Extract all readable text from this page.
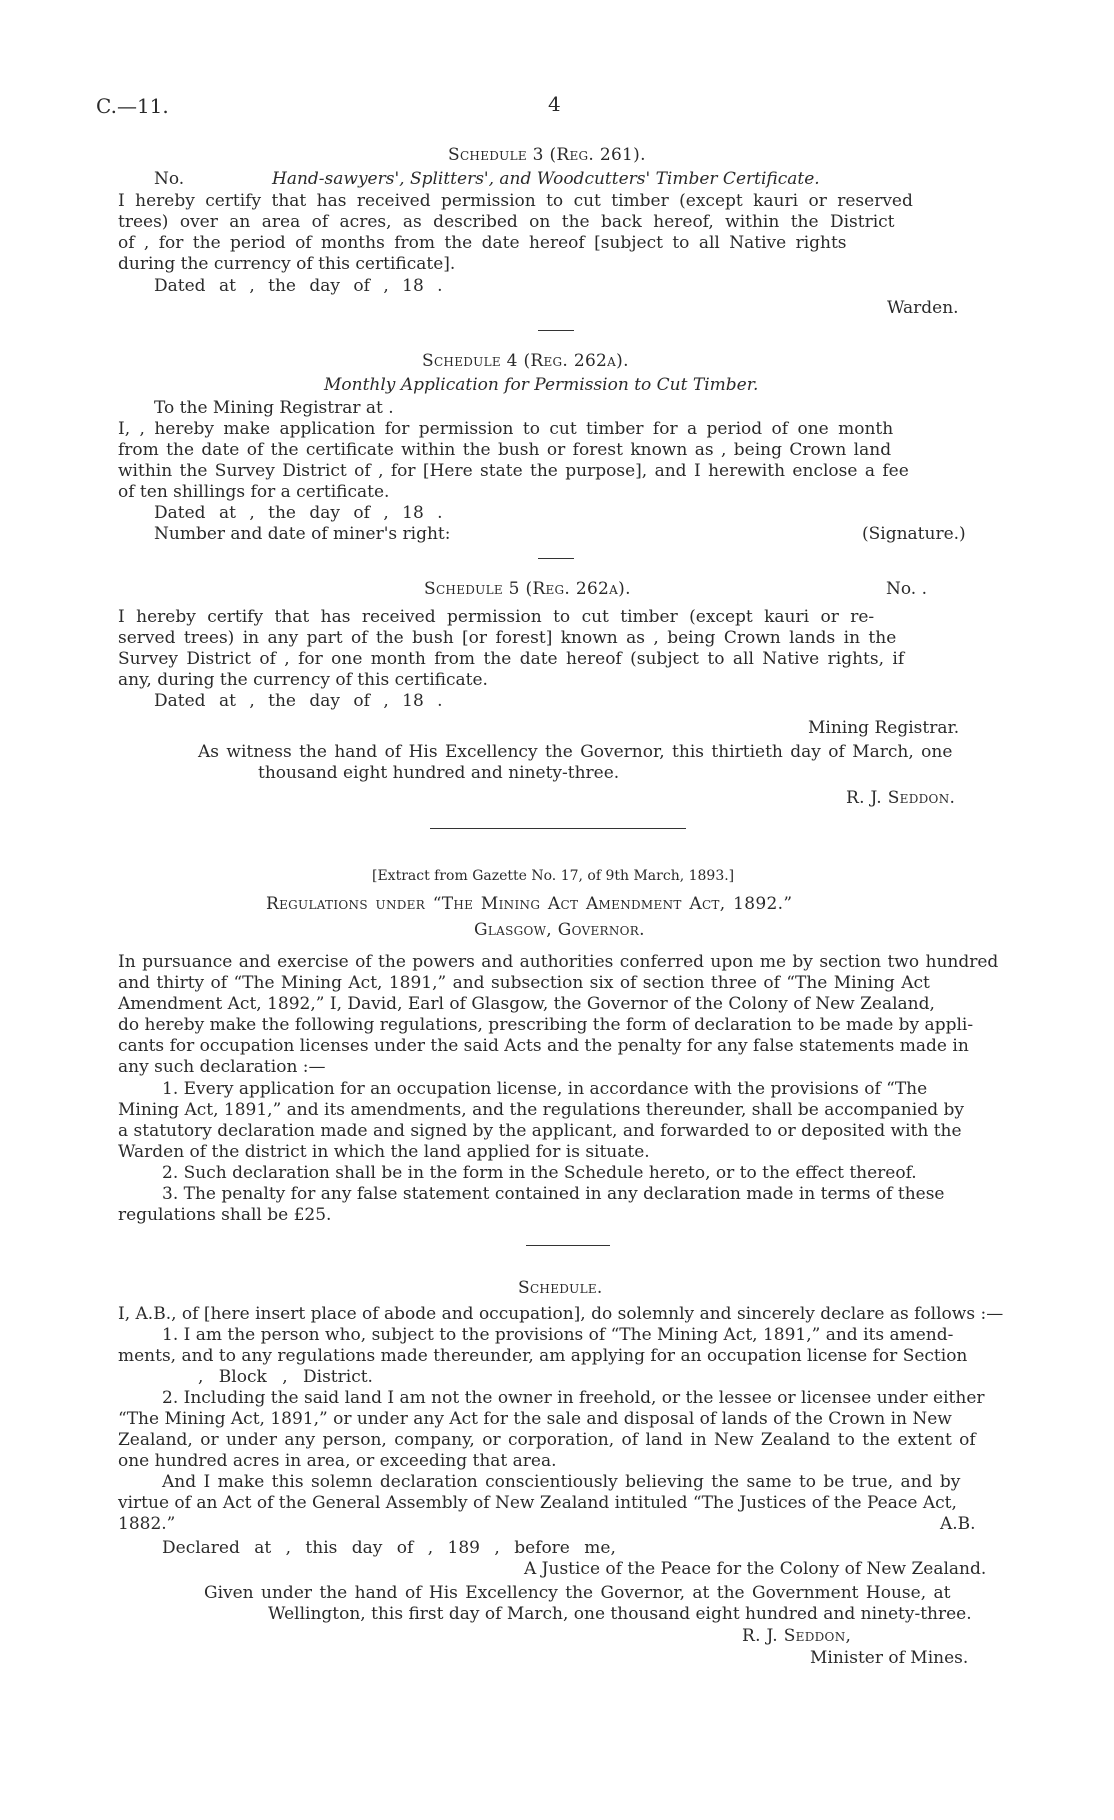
C.—11.	4
Schedule 3 (Reg. 261).
No.	Hand-sawyers', Splitters', and Woodcutters' Timber Certificate.
I hereby certify that has received permission to cut timber (except kauri or reserved
trees) over an area of acres, as described on the back hereof, within the District
of , for the period of months from the date hereof [subject to all Native rights
during the currency of this certificate].
Dated at , the day of , 18 .
Warden.
Schedule 4 (Reg. 262a).
Monthly Application for Permission to Cut Timber.
To the Mining Registrar at .
I, , hereby make application for permission to cut timber for a period of one month
from the date of the certificate within the bush or forest known as , being Crown land
within the Survey District of , for [Here state the purpose], and I herewith enclose a fee
of ten shillings for a certificate.
Dated at , the day of , 18 .
Number and date of miner's right:	(Signature.)
Schedule 5 (Reg. 262a).	No. .
I hereby certify that has received permission to cut timber (except kauri or re-
served trees) in any part of the bush [or forest] known as , being Crown lands in the
Survey District of , for one month from the date hereof (subject to all Native rights, if
any, during the currency of this certificate.
Dated at , the day of , 18 .
Mining Registrar.
As witness the hand of His Excellency the Governor, this thirtieth day of March, one
thousand eight hundred and ninety-three.
R. J. Seddon.
[Extract from Gazette No. 17, of 9th March, 1893.]
Regulations under “The Mining Act Amendment Act, 1892.”
Glasgow, Governor.
In pursuance and exercise of the powers and authorities conferred upon me by section two hundred
and thirty of “The Mining Act, 1891,” and subsection six of section three of “The Mining Act
Amendment Act, 1892,” I, David, Earl of Glasgow, the Governor of the Colony of New Zealand,
do hereby make the following regulations, prescribing the form of declaration to be made by appli-
cants for occupation licenses under the said Acts and the penalty for any false statements made in
any such declaration :—
1. Every application for an occupation license, in accordance with the provisions of “The
Mining Act, 1891,” and its amendments, and the regulations thereunder, shall be accompanied by
a statutory declaration made and signed by the applicant, and forwarded to or deposited with the
Warden of the district in which the land applied for is situate.
2. Such declaration shall be in the form in the Schedule hereto, or to the effect thereof.
3. The penalty for any false statement contained in any declaration made in terms of these
regulations shall be £25.
Schedule.
I, A.B., of [here insert place of abode and occupation], do solemnly and sincerely declare as follows :—
1. I am the person who, subject to the provisions of “The Mining Act, 1891,” and its amend-
ments, and to any regulations made thereunder, am applying for an occupation license for Section
, Block , District.
2. Including the said land I am not the owner in freehold, or the lessee or licensee under either
“The Mining Act, 1891,” or under any Act for the sale and disposal of lands of the Crown in New
Zealand, or under any person, company, or corporation, of land in New Zealand to the extent of
one hundred acres in area, or exceeding that area.
And I make this solemn declaration conscientiously believing the same to be true, and by
virtue of an Act of the General Assembly of New Zealand intituled “The Justices of the Peace Act,
1882.”	A.B.
Declared at , this day of , 189 , before me,
A Justice of the Peace for the Colony of New Zealand.
Given under the hand of His Excellency the Governor, at the Government House, at
Wellington, this first day of March, one thousand eight hundred and ninety-three.
R. J. Seddon,
Minister of Mines.
